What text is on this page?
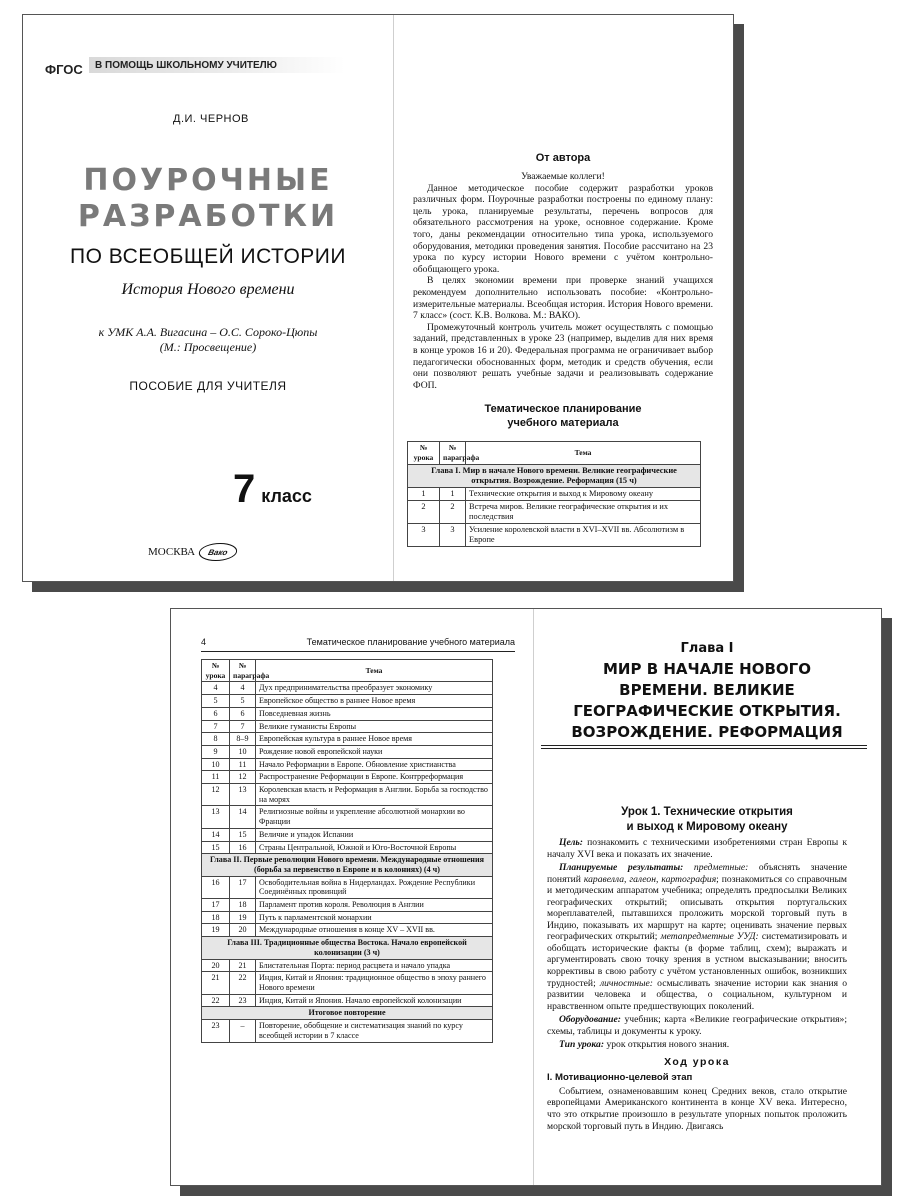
ФГОС	В ПОМОЩЬ ШКОЛЬНОМУ УЧИТЕЛЮ
Д.И. ЧЕРНОВ
ПОУРОЧНЫЕ
РАЗРАБОТКИ
ПО ВСЕОБЩЕЙ ИСТОРИИ
История Нового времени
к УМК А.А. Вигасина – О.С. Сороко-Цюпы
(М.: Просвещение)
ПОСОБИЕ ДЛЯ УЧИТЕЛЯ
7 класс
МОСКВА	Вако
От автора

Уважаемые коллеги!

Данное методическое пособие содержит разработки уроков различных форм. Поурочные разработки построены по единому плану: цель урока, планируемые результаты, перечень вопросов для обязательного рассмотрения на уроке, основное содержание. Кроме того, даны рекомендации относительно типа урока, используемого оборудования, методики проведения занятия. Пособие рассчитано на 23 урока по курсу истории Нового времени с учётом контрольно-обобщающего урока.

В целях экономии времени при проверке знаний учащихся рекомендуем дополнительно использовать пособие: «Контрольно-измерительные материалы. Всеобщая история. История Нового времени. 7 класс» (сост. К.В. Волкова. М.: ВАКО).

Промежуточный контроль учитель может осуществлять с помощью заданий, представленных в уроке 23 (например, выделив для них время в конце уроков 16 и 20). Федеральная программа не ограничивает выбор педагогически обоснованных форм, методик и средств обучения, если они позволяют решать учебные задачи и реализовывать содержание ФОП.

Тематическое планирование
учебного материала
№ урока	№ параграфа	Тема
Глава I. Мир в начале Нового времени. Великие географические открытия. Возрождение. Реформация (15 ч)		
1	1	Технические открытия и выход к Мировому океану
2	2	Встреча миров. Великие географические открытия и их последствия
3	3	Усиление королевской власти в XVI–XVII вв. Абсолютизм в Европе
4	Тематическое планирование учебного материала
№ урока	№ параграфа	Тема
4	4	Дух предпринимательства преобразует экономику
5	5	Европейское общество в раннее Новое время
6	6	Повседневная жизнь
7	7	Великие гуманисты Европы
8	8–9	Европейская культура в раннее Новое время
9	10	Рождение новой европейской науки
10	11	Начало Реформации в Европе. Обновление христианства
11	12	Распространение Реформации в Европе. Контрреформация
12	13	Королевская власть и Реформация в Англии. Борьба за господство на морях
13	14	Религиозные войны и укрепление абсолютной монархии во Франции
14	15	Величие и упадок Испании
15	16	Страны Центральной, Южной и Юго-Восточной Европы
Глава II. Первые революции Нового времени. Международные отношения (борьба за первенство в Европе и в колониях) (4 ч)		
16	17	Освободительная война в Нидерландах. Рождение Республики Соединённых провинций
17	18	Парламент против короля. Революция в Англии
18	19	Путь к парламентской монархии
19	20	Международные отношения в конце XV – XVII вв.
Глава III. Традиционные общества Востока. Начало европейской колонизации (3 ч)		
20	21	Блистательная Порта: период расцвета и начало упадка
21	22	Индия, Китай и Япония: традиционное общество в эпоху раннего Нового времени
22	23	Индия, Китай и Япония. Начало европейской колонизации
Итоговое повторение		
23	–	Повторение, обобщение и систематизация знаний по курсу всеобщей истории в 7 классе
Глава I
МИР В НАЧАЛЕ НОВОГО
ВРЕМЕНИ. ВЕЛИКИЕ
ГЕОГРАФИЧЕСКИЕ ОТКРЫТИЯ.
ВОЗРОЖДЕНИЕ. РЕФОРМАЦИЯ
Урок 1. Технические открытия
и выход к Мировому океану

Цель: познакомить с техническими изобретениями стран Европы к началу XVI века и показать их значение.

Планируемые результаты: предметные: объяснять значение понятий каравелла, галеон, картография; познакомиться со справочным и методическим аппаратом учебника; определять предпосылки Великих географических открытий; описывать открытия португальских мореплавателей, пытавшихся проложить морской торговый путь в Индию, показывать их маршрут на карте; оценивать значение первых географических открытий; метапредметные УУД: систематизировать и обобщать исторические факты (в форме таблиц, схем); выражать и аргументировать свою точку зрения в устном высказывании; вносить коррективы в свою работу с учётом установленных ошибок, возникших трудностей; личностные: осмысливать значение истории как знания о развитии человека и общества, о социальном, культурном и нравственном опыте предшествующих поколений.

Оборудование: учебник; карта «Великие географические открытия»; схемы, таблицы и документы к уроку.

Тип урока: урок открытия нового знания.

Ход урока

I. Мотивационно-целевой этап

Событием, ознаменовавшим конец Средних веков, стало открытие европейцами Американского континента в конце XV века. Интересно, что это открытие произошло в результате упорных попыток проложить морской торговый путь в Индию. Двигаясь
